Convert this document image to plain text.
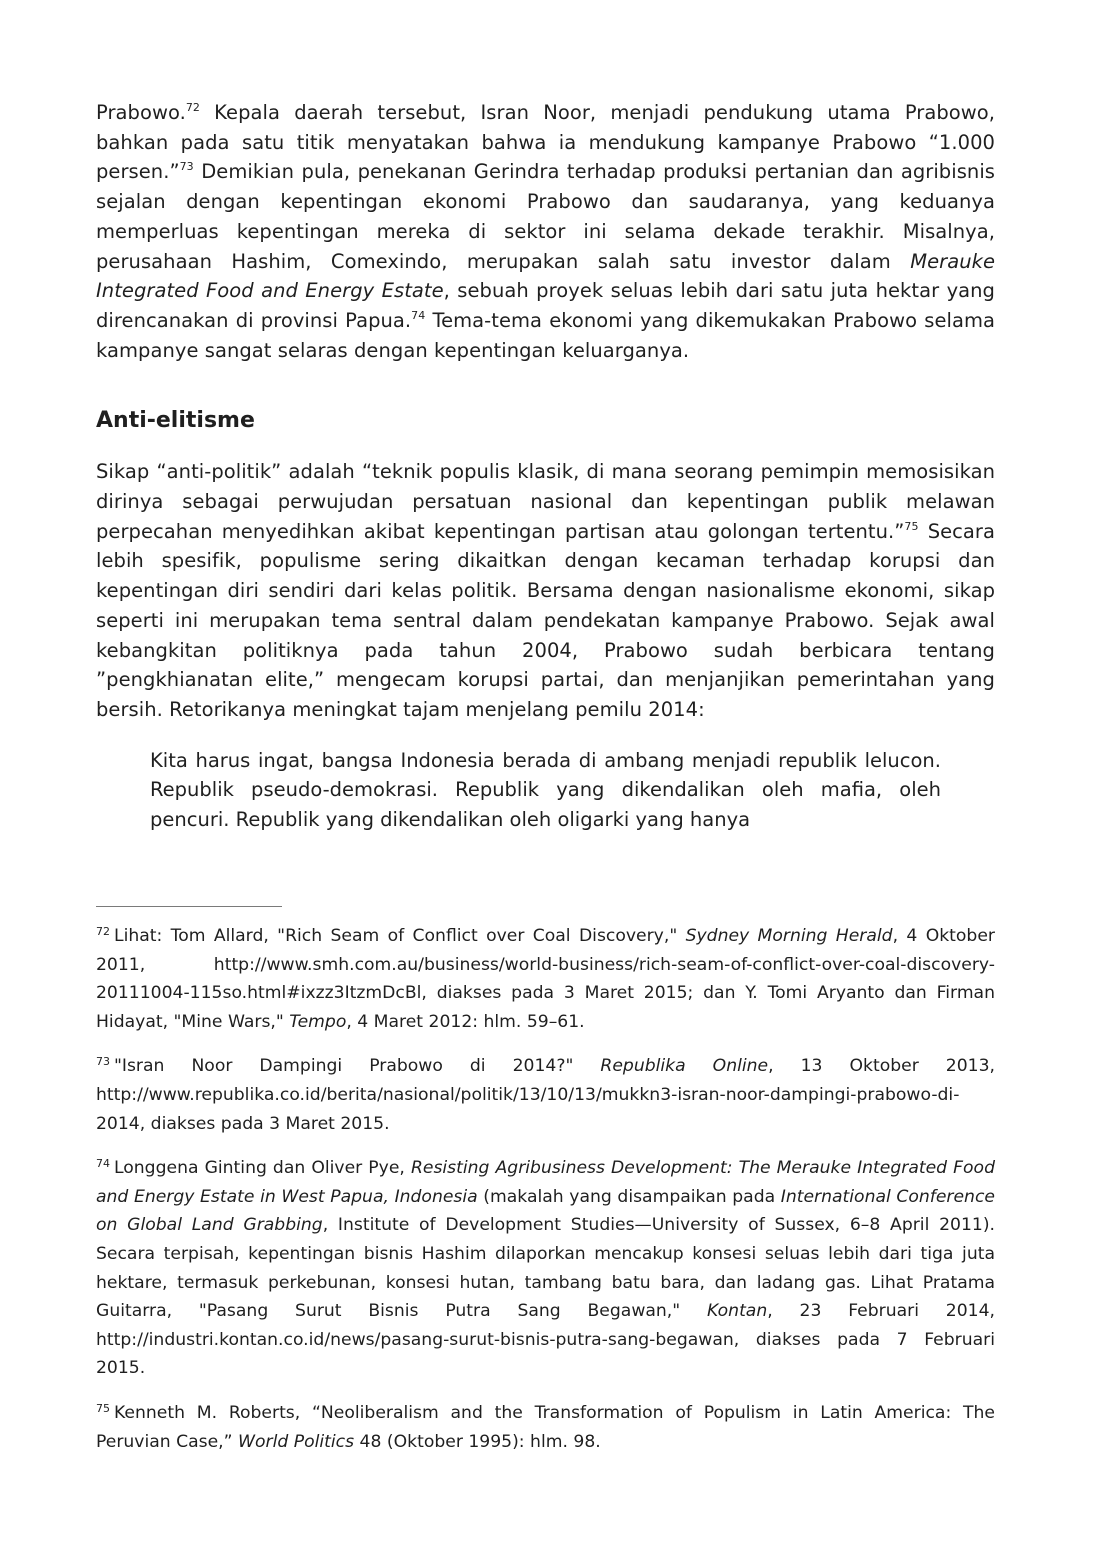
Prabowo.$^{72}$ Kepala daerah tersebut, Isran Noor, menjadi pendukung utama Prabowo, bahkan pada satu titik menyatakan bahwa ia mendukung kampanye Prabowo “1.000 persen.”$^{73}$ Demikian pula, penekanan Gerindra terhadap produksi pertanian dan agribisnis sejalan dengan kepentingan ekonomi Prabowo dan saudaranya, yang keduanya memperluas kepentingan mereka di sektor ini selama dekade terakhir. Misalnya, perusahaan Hashim, Comexindo, merupakan salah satu investor dalam Merauke Integrated Food and Energy Estate, sebuah proyek seluas lebih dari satu juta hektar yang direncanakan di provinsi Papua.$^{74}$ Tema-tema ekonomi yang dikemukakan Prabowo selama kampanye sangat selaras dengan kepentingan keluarganya.

Anti-elitisme

Sikap “anti-politik” adalah “teknik populis klasik, di mana seorang pemimpin memosisikan dirinya sebagai perwujudan persatuan nasional dan kepentingan publik melawan perpecahan menyedihkan akibat kepentingan partisan atau golongan tertentu.”$^{75}$ Secara lebih spesifik, populisme sering dikaitkan dengan kecaman terhadap korupsi dan kepentingan diri sendiri dari kelas politik. Bersama dengan nasionalisme ekonomi, sikap seperti ini merupakan tema sentral dalam pendekatan kampanye Prabowo. Sejak awal kebangkitan politiknya pada tahun 2004, Prabowo sudah berbicara tentang ”pengkhianatan elite,” mengecam korupsi partai, dan menjanjikan pemerintahan yang bersih. Retorikanya meningkat tajam menjelang pemilu 2014:

Kita harus ingat, bangsa Indonesia berada di ambang menjadi republik lelucon. Republik pseudo-demokrasi. Republik yang dikendalikan oleh mafia, oleh pencuri. Republik yang dikendalikan oleh oligarki yang hanya

$^{72}$ Lihat: Tom Allard, "Rich Seam of Conflict over Coal Discovery," Sydney Morning Herald, 4 Oktober 2011, http://www.smh.com.au/business/world-business/rich-seam-of-conflict-over-coal-discovery-20111004-115so.html#ixzz3ItzmDcBl, diakses pada 3 Maret 2015; dan Y. Tomi Aryanto dan Firman Hidayat, "Mine Wars," Tempo, 4 Maret 2012: hlm. 59–61.

$^{73}$ "Isran Noor Dampingi Prabowo di 2014?" Republika Online, 13 Oktober 2013, http://www.republika.co.id/berita/nasional/politik/13/10/13/mukkn3-isran-noor-dampingi-prabowo-di-2014, diakses pada 3 Maret 2015.

$^{74}$ Longgena Ginting dan Oliver Pye, Resisting Agribusiness Development: The Merauke Integrated Food and Energy Estate in West Papua, Indonesia (makalah yang disampaikan pada International Conference on Global Land Grabbing, Institute of Development Studies—University of Sussex, 6–8 April 2011). Secara terpisah, kepentingan bisnis Hashim dilaporkan mencakup konsesi seluas lebih dari tiga juta hektare, termasuk perkebunan, konsesi hutan, tambang batu bara, dan ladang gas. Lihat Pratama Guitarra, "Pasang Surut Bisnis Putra Sang Begawan," Kontan, 23 Februari 2014, http://industri.kontan.co.id/news/pasang-surut-bisnis-putra-sang-begawan, diakses pada 7 Februari 2015.

$^{75}$ Kenneth M. Roberts, “Neoliberalism and the Transformation of Populism in Latin America: The Peruvian Case,” World Politics 48 (Oktober 1995): hlm. 98.
